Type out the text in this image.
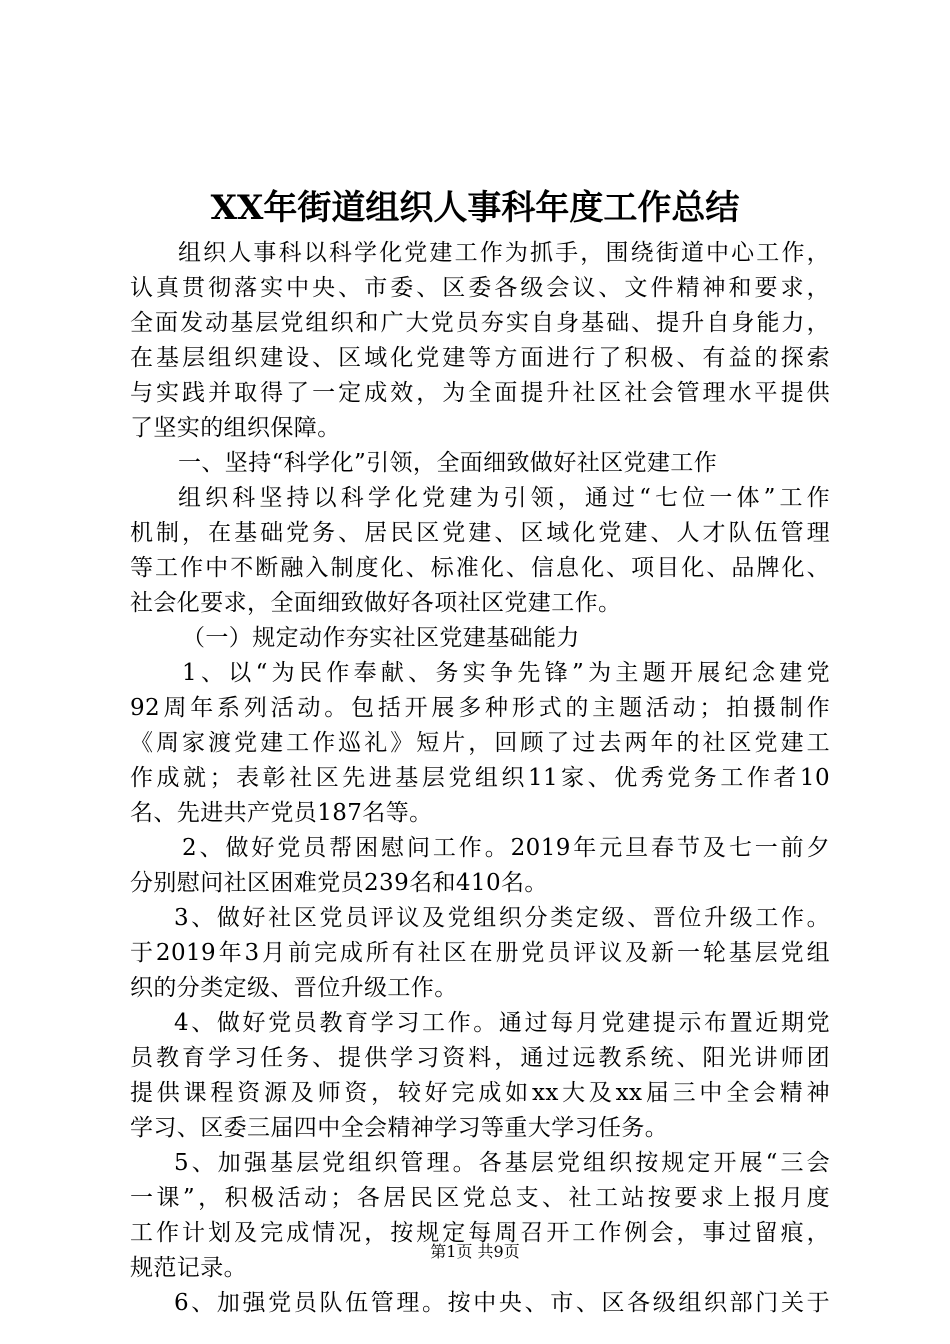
XX年街道组织人事科年度工作总结
组织人事科以科学化党建工作为抓手，围绕街道中心工作，
认真贯彻落实中央、市委、区委各级会议、文件精神和要求，
全面发动基层党组织和广大党员夯实自身基础、提升自身能力，
在基层组织建设、区域化党建等方面进行了积极、有益的探索
与实践并取得了一定成效，为全面提升社区社会管理水平提供
了坚实的组织保障。
一、坚持“科学化”引领，全面细致做好社区党建工作
组织科坚持以科学化党建为引领，通过“七位一体”工作
机制，在基础党务、居民区党建、区域化党建、人才队伍管理
等工作中不断融入制度化、标准化、信息化、项目化、品牌化、
社会化要求，全面细致做好各项社区党建工作。
（一）规定动作夯实社区党建基础能力
1、以“为民作奉献、务实争先锋”为主题开展纪念建党
92周年系列活动。包括开展多种形式的主题活动；拍摄制作
《周家渡党建工作巡礼》短片，回顾了过去两年的社区党建工
作成就；表彰社区先进基层党组织11家、优秀党务工作者10
名、先进共产党员187名等。
2、做好党员帮困慰问工作。2019年元旦春节及七一前夕
分别慰问社区困难党员239名和410名。
3、做好社区党员评议及党组织分类定级、晋位升级工作。
于2019年3月前完成所有社区在册党员评议及新一轮基层党组
织的分类定级、晋位升级工作。
4、做好党员教育学习工作。通过每月党建提示布置近期党
员教育学习任务、提供学习资料，通过远教系统、阳光讲师团
提供课程资源及师资，较好完成如xx大及xx届三中全会精神
学习、区委三届四中全会精神学习等重大学习任务。
5、加强基层党组织管理。各基层党组织按规定开展“三会
一课”，积极活动；各居民区党总支、社工站按要求上报月度
工作计划及完成情况，按规定每周召开工作例会，事过留痕，
规范记录。
6、加强党员队伍管理。按中央、市、区各级组织部门关于
第1页 共9页
